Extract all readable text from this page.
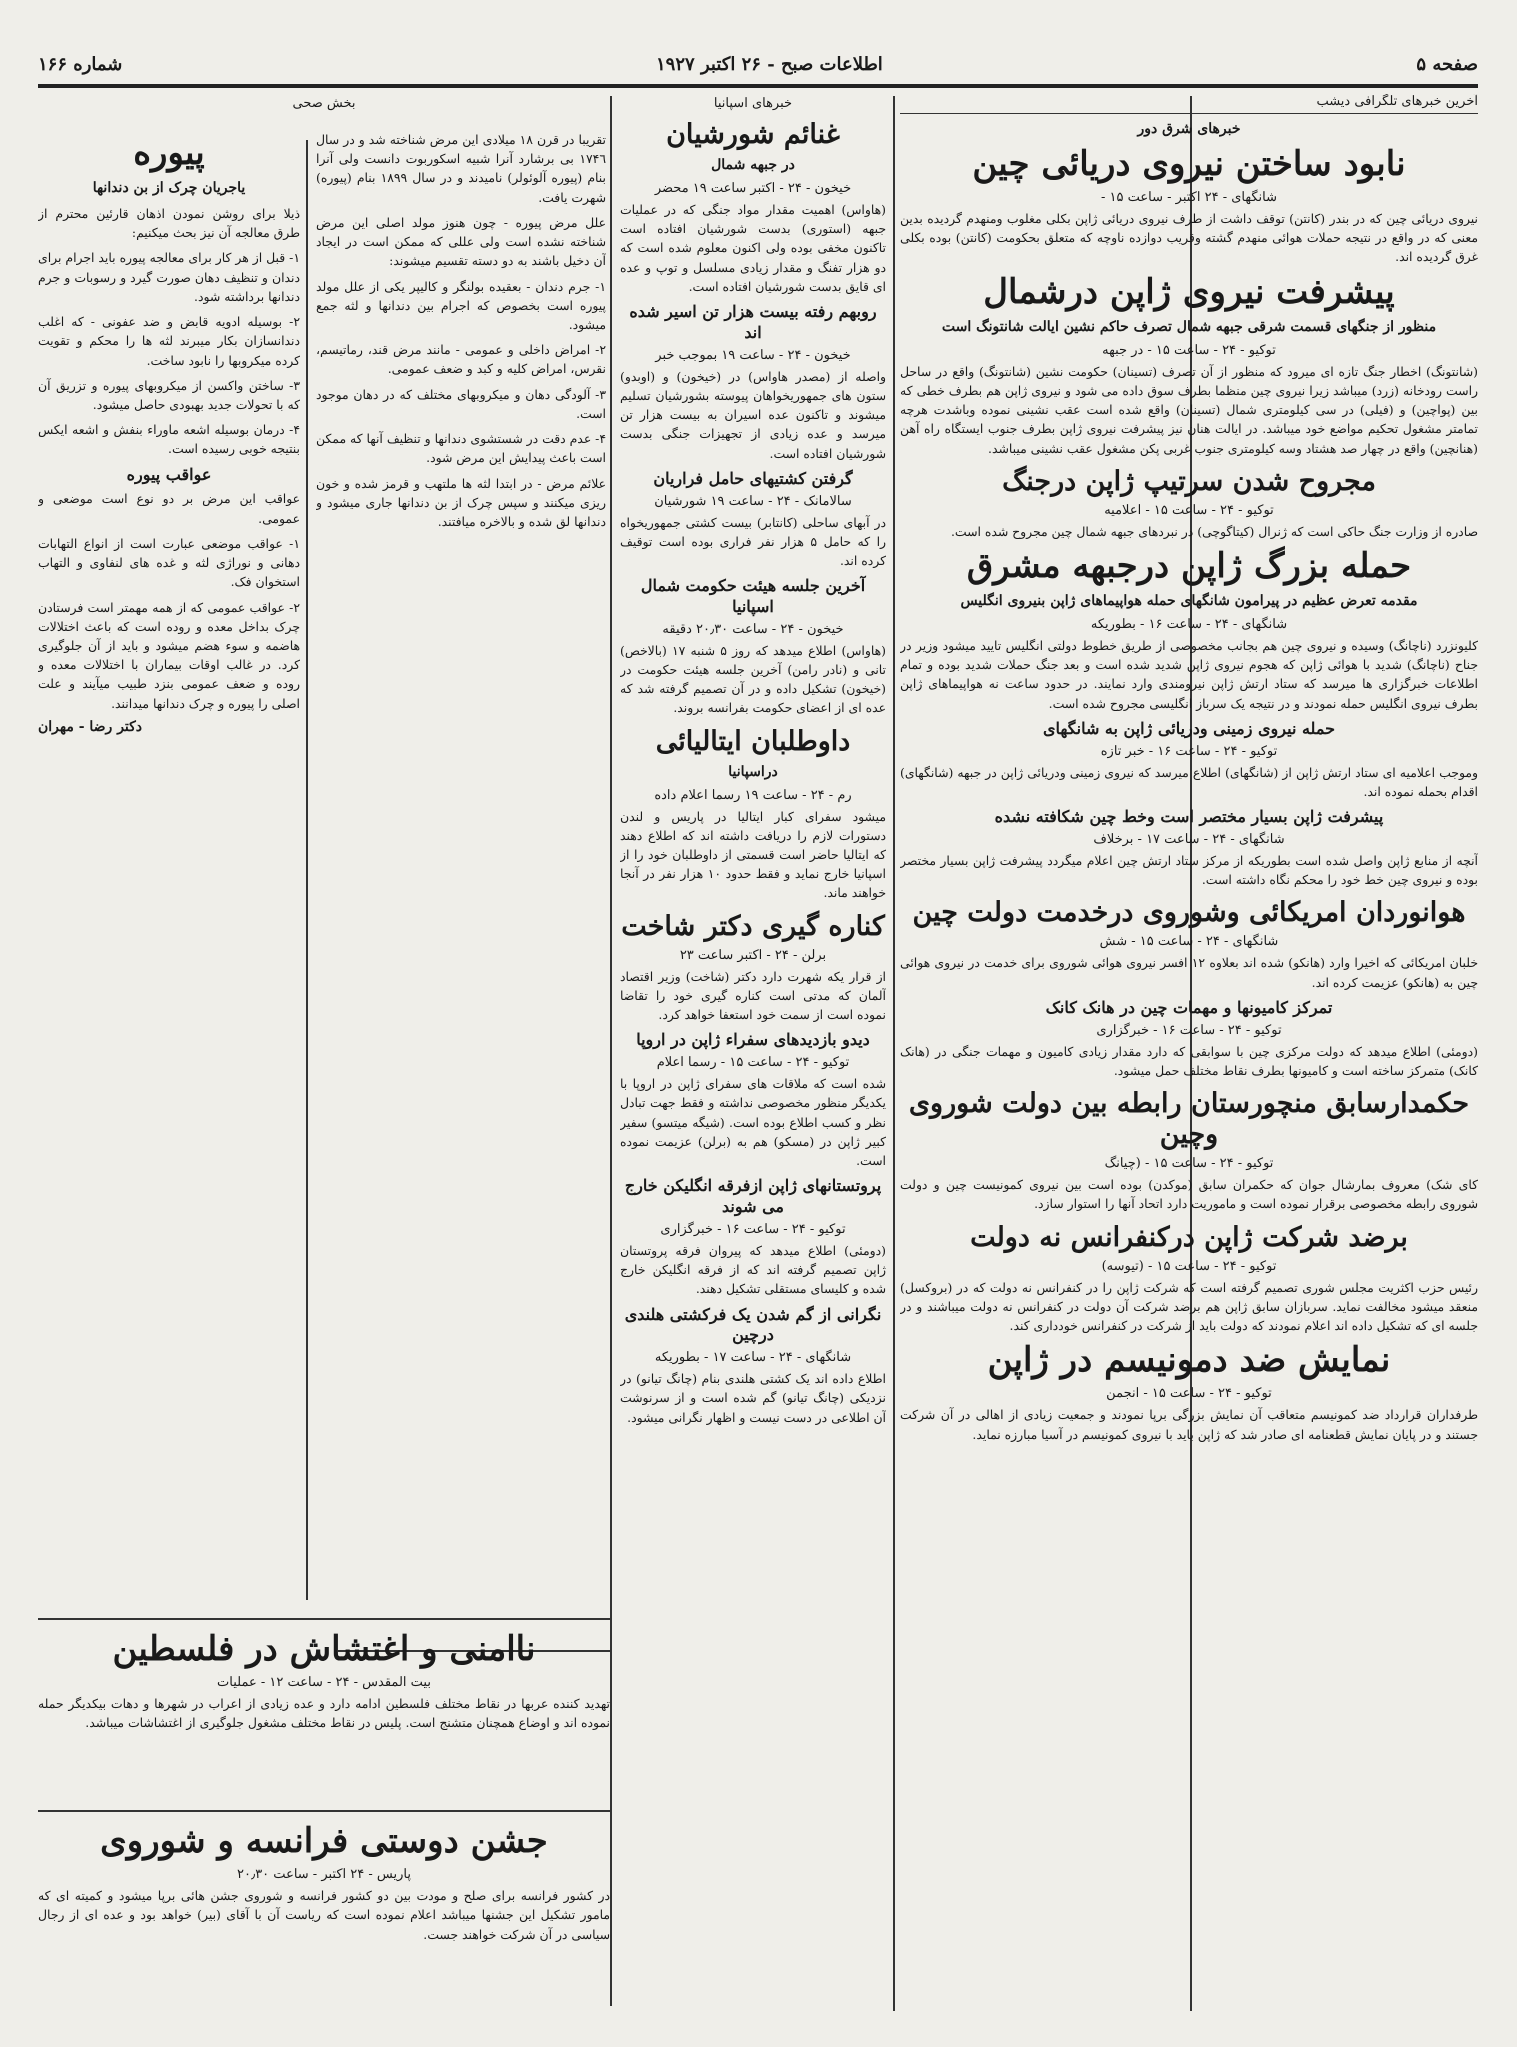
صفحه ۵
اطلاعات صبح - ۲۶ اکتبر ۱۹۲۷
شماره ۱۶۶
آخرین خبرهای تلگرافی دیشب
خبرهای شرق دور
نابود ساختن نیروی دریائی چین
شانگهای - ۲۴ اکتبر - ساعت ۱۵ -

نیروی دریائی چین که در بندر (کانتن) توقف داشت از طرف نیروی دریائی ژاپن بکلی مغلوب ومنهدم گردیده بدین معنی که در واقع در نتیجه حملات هوائی منهدم گشته وقریب دوازده ناوچه که متعلق بحکومت (کانتن) بوده بکلی غرق گردیده اند.

پیشرفت نیروی ژاپن درشمال
منظور از جنگهای قسمت شرقی جبهه شمال تصرف حاکم نشین ایالت شانتونگ است
توکیو - ۲۴ - ساعت ۱۵ - در جبهه

(شانتونگ) اخطار جنگ تازه ای میرود که منظور از آن تصرف (تسینان) حکومت نشین (شانتونگ) واقع در ساحل راست رودخانه (زرد) میباشد زیرا نیروی چین منظما بطرف سوق داده می شود و نیروی ژاپن هم بطرف خطی که بین (پواچین) و (فیلی) در سی کیلومتری شمال (تسینان) واقع شده است عقب نشینی نموده وباشدت هرچه تمامتر مشغول تحکیم مواضع خود میباشد. در ایالت هنان نیز پیشرفت نیروی ژاپن بطرف جنوب ایستگاه راه آهن (هنانچین) واقع در چهار صد هشتاد وسه کیلومتری جنوب غربی پکن مشغول عقب نشینی میباشد.

مجروح شدن سرتیپ ژاپن درجنگ
توکیو - ۲۴ - ساعت ۱۵ - اعلامیه

صادره از وزارت جنگ حاکی است که ژنرال (کیتاگوچی) در نبردهای جبهه شمال چین مجروح شده است.

حمله بزرگ ژاپن درجبهه مشرق
مقدمه تعرض عظیم در پیرامون شانگهای حمله هواپیماهای ژاپن بنیروی انگلیس
شانگهای - ۲۴ - ساعت ۱۶ - بطوریکه

کلیونزرد (ناچانگ) وسیده و نیروی چین هم بجانب مخصوصی از طریق خطوط دولتی انگلیس تایید میشود وزیر در جناح (ناچانگ) شدید با هوائی ژاپن که هجوم نیروی ژاپن شدید شده است و بعد جنگ حملات شدید بوده و تمام اطلاعات خبرگزاری ها میرسد که ستاد ارتش ژاپن نیرومندی وارد نمایند. در حدود ساعت نه هواپیماهای ژاپن بطرف نیروی انگلیس حمله نمودند و در نتیجه یک سرباز انگلیسی مجروح شده است.

حمله نیروی زمینی ودریائی ژاپن به شانگهای
توکیو - ۲۴ - ساعت ۱۶ - خبر تازه

وموجب اعلامیه ای ستاد ارتش ژاپن از (شانگهای) اطلاع میرسد که نیروی زمینی ودریائی ژاپن در جبهه (شانگهای) اقدام بحمله نموده اند.

پیشرفت ژاپن بسیار مختصر است وخط چین شکافته نشده
شانگهای - ۲۴ - ساعت ۱۷ - برخلاف

آنچه از منابع ژاپن واصل شده است بطوریکه از مرکز ستاد ارتش چین اعلام میگردد پیشرفت ژاپن بسیار مختصر بوده و نیروی چین خط خود را محکم نگاه داشته است.

هوانوردان امریکائی وشوروی درخدمت دولت چین
شانگهای - ۲۴ - ساعت ۱۵ - شش

خلبان امریکائی که اخیرا وارد (هانکو) شده اند بعلاوه ۱۲ افسر نیروی هوائی شوروی برای خدمت در نیروی هوائی چین به (هانکو) عزیمت کرده اند.

تمرکز کامیونها و مهمات چین در هانک کانک
توکیو - ۲۴ - ساعت ۱۶ - خبرگزاری

(دومئی) اطلاع میدهد که دولت مرکزی چین با سوابقی که دارد مقدار زیادی کامیون و مهمات جنگی در (هانک کانک) متمرکز ساخته است و کامیونها بطرف نقاط مختلف حمل میشود.

حکمدارسابق منچورستان رابطه بین دولت شوروی وچین
توکیو - ۲۴ - ساعت ۱۵ - (چیانگ

کای شک) معروف بمارشال جوان که حکمران سابق (موکدن) بوده است بین نیروی کمونیست چین و دولت شوروی رابطه مخصوصی برقرار نموده است و ماموریت دارد اتحاد آنها را استوار سازد.

برضد شرکت ژاپن درکنفرانس نه دولت
توکیو - ۲۴ - ساعت ۱۵ - (تیوسه)

رئیس حزب اکثریت مجلس شوری تصمیم گرفته است که شرکت ژاپن را در کنفرانس نه دولت که در (بروکسل) منعقد میشود مخالفت نماید. سربازان سابق ژاپن هم برضد شرکت آن دولت در کنفرانس نه دولت میباشند و در جلسه ای که تشکیل داده اند اعلام نمودند که دولت باید از شرکت در کنفرانس خودداری کند.

نمایش ضد دمونیسم در ژاپن
توکیو - ۲۴ - ساعت ۱۵ - انجمن

طرفداران قرارداد ضد کمونیسم متعاقب آن نمایش بزرگی برپا نمودند و جمعیت زیادی از اهالی در آن شرکت جستند و در پایان نمایش قطعنامه ای صادر شد که ژاپن باید با نیروی کمونیسم در آسیا مبارزه نماید.

خبرهای اسپانیا
غنائم شورشیان
در جبهه شمال
خیخون - ۲۴ - اکتبر ساعت ۱۹ محضر

(هاواس) اهمیت مقدار مواد جنگی که در عملیات جبهه (استوری) بدست شورشیان افتاده است تاکنون مخفی بوده ولی اکنون معلوم شده است که دو هزار تفنگ و مقدار زیادی مسلسل و توپ و عده ای قایق بدست شورشیان افتاده است.

روبهم رفته بیست هزار تن اسیر شده اند
خیخون - ۲۴ - ساعت ۱۹ بموجب خبر

واصله از (مصدر هاواس) در (خیخون) و (اوبدو) ستون های جمهوریخواهان پیوسته بشورشیان تسلیم میشوند و تاکنون عده اسیران به بیست هزار تن میرسد و عده زیادی از تجهیزات جنگی بدست شورشیان افتاده است.

گرفتن کشتیهای حامل فراریان
سالامانک - ۲۴ - ساعت ۱۹ شورشیان

در آبهای ساحلی (کانتابر) بیست کشتی جمهوریخواه را که حامل ۵ هزار نفر فراری بوده است توقیف کرده اند.

آخرین جلسه هیئت حکومت شمال اسپانیا
خیخون - ۲۴ - ساعت ۲۰٫۳۰ دقیقه

(هاواس) اطلاع میدهد که روز ۵ شنبه ۱۷ (بالاخص) تانی و (نادر رامن) آخرین جلسه هیئت حکومت در (خیخون) تشکیل داده و در آن تصمیم گرفته شد که عده ای از اعضای حکومت بفرانسه بروند.

داوطلبان ایتالیائی
دراسپانیا
رم - ۲۴ - ساعت ۱۹ رسما اعلام داده

میشود سفرای کبار ایتالیا در پاریس و لندن دستورات لازم را دریافت داشته اند که اطلاع دهند که ایتالیا حاضر است قسمتی از داوطلبان خود را از اسپانیا خارج نماید و فقط حدود ۱۰ هزار نفر در آنجا خواهند ماند.

کناره گیری دکتر شاخت
برلن - ۲۴ - اکتبر ساعت ۲۳

از قرار یکه شهرت دارد دکتر (شاخت) وزیر اقتصاد آلمان که مدتی است کناره گیری خود را تقاضا نموده است از سمت خود استعفا خواهد کرد.

دیدو بازدیدهای سفراء ژاپن در اروپا
توکیو - ۲۴ - ساعت ۱۵ - رسما اعلام

شده است که ملاقات های سفرای ژاپن در اروپا با یکدیگر منظور مخصوصی نداشته و فقط جهت تبادل نظر و کسب اطلاع بوده است. (شیگه میتسو) سفیر کبیر ژاپن در (مسکو) هم به (برلن) عزیمت نموده است.

پروتستانهای ژاپن ازفرقه انگلیکن خارج می شوند
توکیو - ۲۴ - ساعت ۱۶ - خبرگزاری

(دومئی) اطلاع میدهد که پیروان فرقه پروتستان ژاپن تصمیم گرفته اند که از فرقه انگلیکن خارج شده و کلیسای مستقلی تشکیل دهند.

نگرانی از گم شدن یک فرکشتی هلندی درچین
شانگهای - ۲۴ - ساعت ۱۷ - بطوریکه

اطلاع داده اند یک کشتی هلندی بنام (چانگ تیانو) در نزدیکی (چانگ تیانو) گم شده است و از سرنوشت آن اطلاعی در دست نیست و اظهار نگرانی میشود.

بخش صحی

تقریبا در قرن ۱۸ میلادی این مرض شناخته شد و در سال ۱۷۴٦ بی برشارد آنرا شبیه اسکوربوت دانست ولی آنرا بنام (پیوره آلوئولر) نامیدند و در سال ۱۸۹۹ بنام (پیوره) شهرت یافت.

علل مرض پیوره - چون هنوز مولد اصلی این مرض شناخته نشده است ولی عللی که ممکن است در ایجاد آن دخیل باشند به دو دسته تقسیم میشوند:

۱- جرم دندان - بعقیده بولنگر و کالیپر یکی از علل مولد پیوره است بخصوص که اجرام بین دندانها و لثه جمع میشود.

۲- امراض داخلی و عمومی - مانند مرض قند، رماتیسم، نقرس، امراض کلیه و کبد و ضعف عمومی.

۳- آلودگی دهان و میکروبهای مختلف که در دهان موجود است.

۴- عدم دقت در شستشوی دندانها و تنظیف آنها که ممکن است باعث پیدایش این مرض شود.

علائم مرض - در ابتدا لثه ها ملتهب و قرمز شده و خون ریزی میکنند و سپس چرک از بن دندانها جاری میشود و دندانها لق شده و بالاخره میافتند.

پیوره
یاجریان چرک از بن دندانها

ذیلا برای روشن نمودن اذهان قارئین محترم از طرق معالجه آن نیز بحث میکنیم:

۱- قبل از هر کار برای معالجه پیوره باید اجرام برای دندان و تنظیف دهان صورت گیرد و رسوبات و جرم دندانها برداشته شود.

۲- بوسیله ادویه قابض و ضد عفونی - که اغلب دندانسازان بکار میبرند لثه ها را محکم و تقویت کرده میکروبها را نابود ساخت.

۳- ساختن واکسن از میکروبهای پیوره و تزریق آن که با تحولات جدید بهبودی حاصل میشود.

۴- درمان بوسیله اشعه ماوراء بنفش و اشعه ایکس بنتیجه خوبی رسیده است.

عواقب پیوره

عواقب این مرض بر دو نوع است موضعی و عمومی.

۱- عواقب موضعی عبارت است از انواع التهابات دهانی و نوراژی لثه و غده های لنفاوی و التهاب استخوان فک.

۲- عواقب عمومی که از همه مهمتر است فرستادن چرک بداخل معده و روده است که باعث اختلالات هاضمه و سوء هضم میشود و باید از آن جلوگیری کرد. در غالب اوقات بیماران با اختلالات معده و روده و ضعف عمومی بنزد طبیب میآیند و علت اصلی را پیوره و چرک دندانها میدانند.

دکتر رضا - مهران
ناامنی و اغتشاش در فلسطین
بیت المقدس - ۲۴ - ساعت ۱۲ - عملیات

تهدید کننده عربها در نقاط مختلف فلسطین ادامه دارد و عده زیادی از اعراب در شهرها و دهات بیکدیگر حمله نموده اند و اوضاع همچنان متشنج است. پلیس در نقاط مختلف مشغول جلوگیری از اغتشاشات میباشد.

جشن دوستی فرانسه و شوروی
پاریس - ۲۴ اکتبر - ساعت ۲۰٫۳۰

در کشور فرانسه برای صلح و مودت بین دو کشور فرانسه و شوروی جشن هائی برپا میشود و کمیته ای که مامور تشکیل این جشنها میباشد اعلام نموده است که ریاست آن با آقای (بیر) خواهد بود و عده ای از رجال سیاسی در آن شرکت خواهند جست.
